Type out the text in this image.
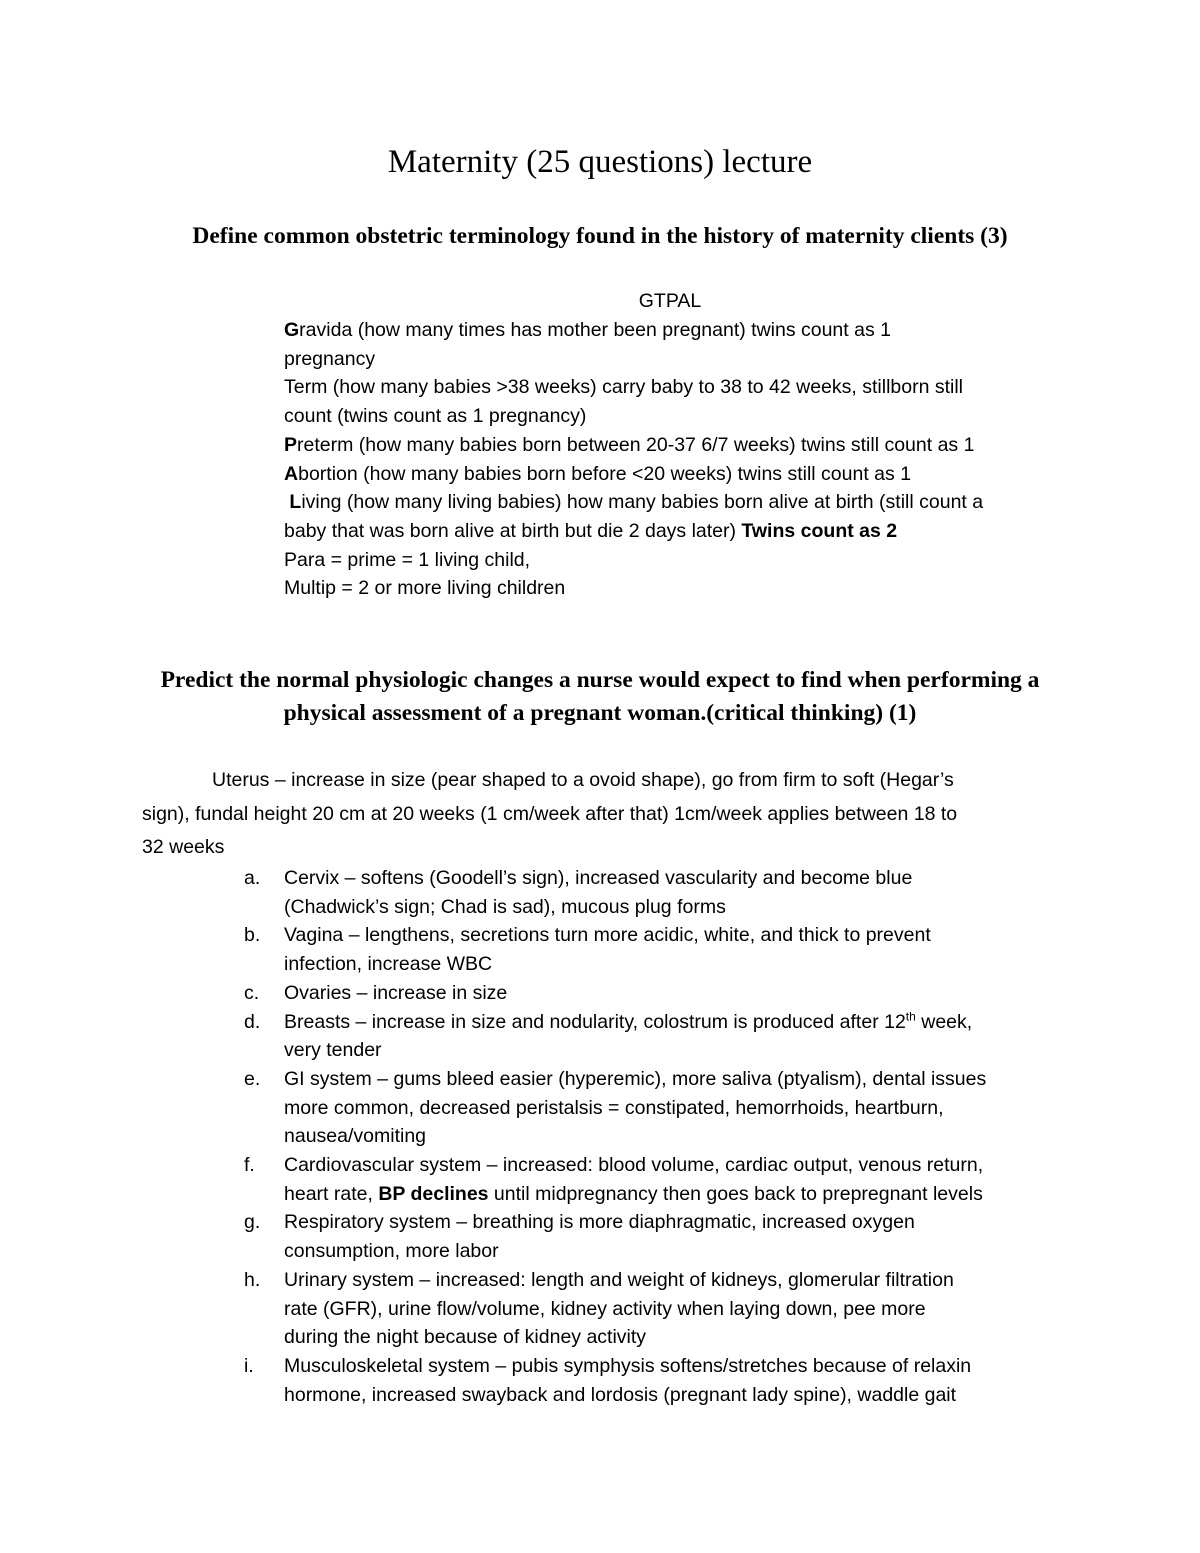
Maternity (25 questions) lecture
Define common obstetric terminology found in the history of maternity clients (3)
GTPAL
Gravida (how many times has mother been pregnant) twins count as 1
pregnancy
Term (how many babies >38 weeks) carry baby to 38 to 42 weeks, stillborn still
count (twins count as 1 pregnancy)
Preterm (how many babies born between 20-37 6/7 weeks) twins still count as 1
Abortion (how many babies born before <20 weeks) twins still count as 1
Living (how many living babies) how many babies born alive at birth (still count a
baby that was born alive at birth but die 2 days later) Twins count as 2
Para = prime = 1 living child,
Multip = 2 or more living children
Predict the normal physiologic changes a nurse would expect to find when performing a
physical assessment of a pregnant woman.(critical thinking) (1)
Uterus – increase in size (pear shaped to a ovoid shape), go from firm to soft (Hegar’s
sign), fundal height 20 cm at 20 weeks (1 cm/week after that) 1cm/week applies between 18 to
32 weeks
a. Cervix – softens (Goodell’s sign), increased vascularity and become blue
(Chadwick’s sign; Chad is sad), mucous plug forms
b. Vagina – lengthens, secretions turn more acidic, white, and thick to prevent
infection, increase WBC
c. Ovaries – increase in size
d. Breasts – increase in size and nodularity, colostrum is produced after 12th week,
very tender
e. GI system – gums bleed easier (hyperemic), more saliva (ptyalism), dental issues
more common, decreased peristalsis = constipated, hemorrhoids, heartburn,
nausea/vomiting
f. Cardiovascular system – increased: blood volume, cardiac output, venous return,
heart rate, BP declines until midpregnancy then goes back to prepregnant levels
g. Respiratory system – breathing is more diaphragmatic, increased oxygen
consumption, more labor
h. Urinary system – increased: length and weight of kidneys, glomerular filtration
rate (GFR), urine flow/volume, kidney activity when laying down, pee more
during the night because of kidney activity
i. Musculoskeletal system – pubis symphysis softens/stretches because of relaxin
hormone, increased swayback and lordosis (pregnant lady spine), waddle gait
